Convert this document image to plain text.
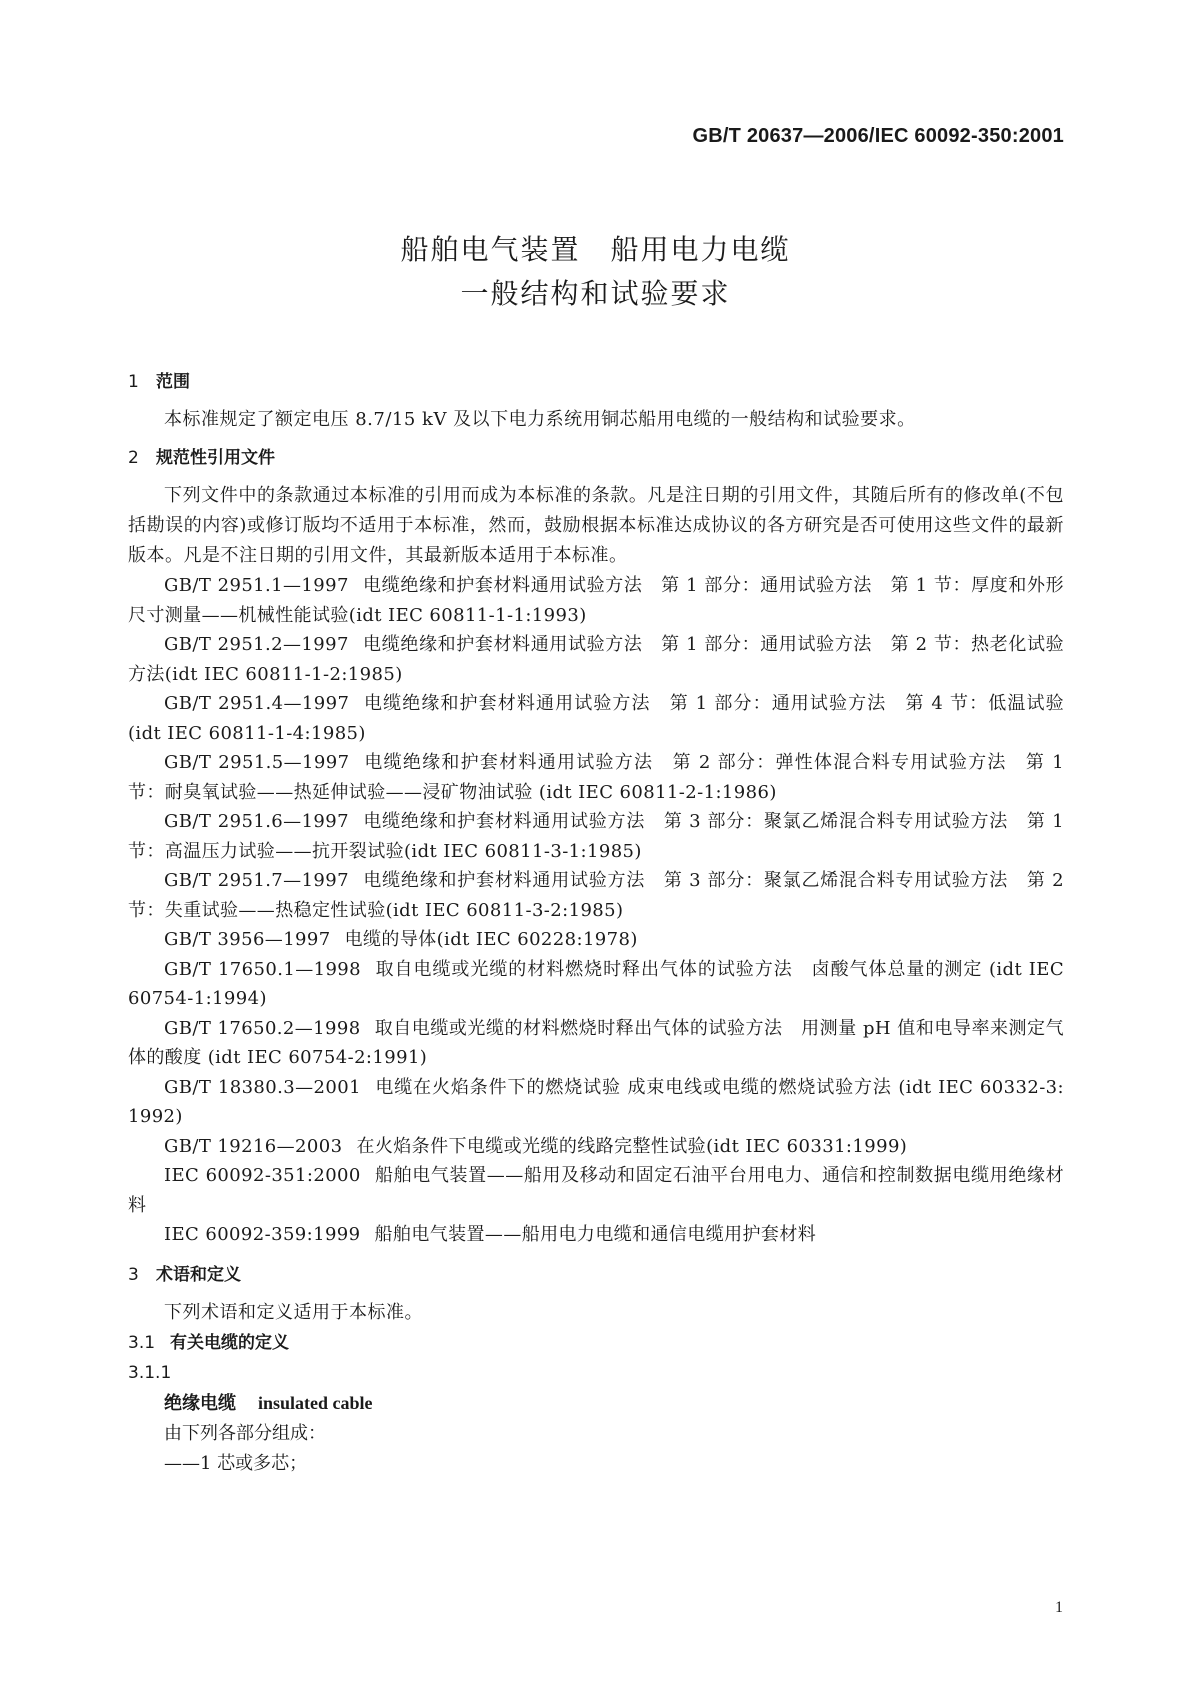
GB/T 20637—2006/IEC 60092-350:2001
船舶电气装置　船用电力电缆
一般结构和试验要求
1 范围

本标准规定了额定电压 8.7/15 kV 及以下电力系统用铜芯船用电缆的一般结构和试验要求。

2 规范性引用文件

下列文件中的条款通过本标准的引用而成为本标准的条款。凡是注日期的引用文件，其随后所有的修改单(不包括勘误的内容)或修订版均不适用于本标准，然而，鼓励根据本标准达成协议的各方研究是否可使用这些文件的最新版本。凡是不注日期的引用文件，其最新版本适用于本标准。

GB/T 2951.1—1997 电缆绝缘和护套材料通用试验方法　第 1 部分：通用试验方法　第 1 节：厚度和外形尺寸测量——机械性能试验(idt IEC 60811-1-1:1993)

GB/T 2951.2—1997 电缆绝缘和护套材料通用试验方法　第 1 部分：通用试验方法　第 2 节：热老化试验方法(idt IEC 60811-1-2:1985)

GB/T 2951.4—1997 电缆绝缘和护套材料通用试验方法　第 1 部分：通用试验方法　第 4 节：低温试验(idt IEC 60811-1-4:1985)

GB/T 2951.5—1997 电缆绝缘和护套材料通用试验方法　第 2 部分：弹性体混合料专用试验方法　第 1 节：耐臭氧试验——热延伸试验——浸矿物油试验 (idt IEC 60811-2-1:1986)

GB/T 2951.6—1997 电缆绝缘和护套材料通用试验方法　第 3 部分：聚氯乙烯混合料专用试验方法　第 1 节：高温压力试验——抗开裂试验(idt IEC 60811-3-1:1985)

GB/T 2951.7—1997 电缆绝缘和护套材料通用试验方法　第 3 部分：聚氯乙烯混合料专用试验方法　第 2 节：失重试验——热稳定性试验(idt IEC 60811-3-2:1985)

GB/T 3956—1997 电缆的导体(idt IEC 60228:1978)

GB/T 17650.1—1998 取自电缆或光缆的材料燃烧时释出气体的试验方法　卤酸气体总量的测定 (idt IEC 60754-1:1994)

GB/T 17650.2—1998 取自电缆或光缆的材料燃烧时释出气体的试验方法　用测量 pH 值和电导率来测定气体的酸度 (idt IEC 60754-2:1991)

GB/T 18380.3—2001 电缆在火焰条件下的燃烧试验 成束电线或电缆的燃烧试验方法 (idt IEC 60332-3: 1992)

GB/T 19216—2003 在火焰条件下电缆或光缆的线路完整性试验(idt IEC 60331:1999)

IEC 60092-351:2000 船舶电气装置——船用及移动和固定石油平台用电力、通信和控制数据电缆用绝缘材料

IEC 60092-359:1999 船舶电气装置——船用电力电缆和通信电缆用护套材料

3 术语和定义

下列术语和定义适用于本标准。

3.1 有关电缆的定义
3.1.1
绝缘电缆 insulated cable
由下列各部分组成：
——1 芯或多芯；
1
